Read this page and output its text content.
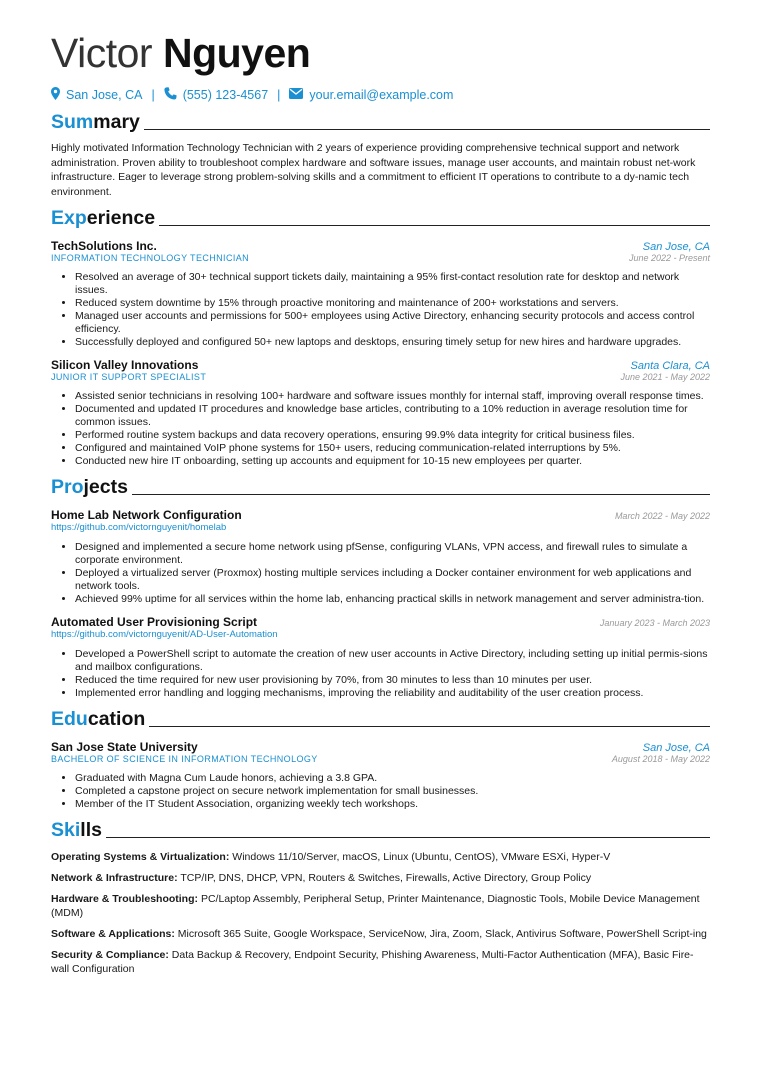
Victor Nguyen
San Jose, CA | (555) 123-4567 | your.email@example.com
Summary
Highly motivated Information Technology Technician with 2 years of experience providing comprehensive technical support and network administration. Proven ability to troubleshoot complex hardware and software issues, manage user accounts, and maintain robust net-work infrastructure. Eager to leverage strong problem-solving skills and a commitment to efficient IT operations to contribute to a dy-namic tech environment.
Experience
TechSolutions Inc.	San Jose, CA
INFORMATION TECHNOLOGY TECHNICIAN	June 2022 - Present
• Resolved an average of 30+ technical support tickets daily, maintaining a 95% first-contact resolution rate for desktop and network issues.
• Reduced system downtime by 15% through proactive monitoring and maintenance of 200+ workstations and servers.
• Managed user accounts and permissions for 500+ employees using Active Directory, enhancing security protocols and access control efficiency.
• Successfully deployed and configured 50+ new laptops and desktops, ensuring timely setup for new hires and hardware upgrades.
Silicon Valley Innovations	Santa Clara, CA
JUNIOR IT SUPPORT SPECIALIST	June 2021 - May 2022
• Assisted senior technicians in resolving 100+ hardware and software issues monthly for internal staff, improving overall response times.
• Documented and updated IT procedures and knowledge base articles, contributing to a 10% reduction in average resolution time for common issues.
• Performed routine system backups and data recovery operations, ensuring 99.9% data integrity for critical business files.
• Configured and maintained VoIP phone systems for 150+ users, reducing communication-related interruptions by 5%.
• Conducted new hire IT onboarding, setting up accounts and equipment for 10-15 new employees per quarter.
Projects
Home Lab Network Configuration	March 2022 - May 2022
https://github.com/victornguyenit/homelab
• Designed and implemented a secure home network using pfSense, configuring VLANs, VPN access, and firewall rules to simulate a corporate environment.
• Deployed a virtualized server (Proxmox) hosting multiple services including a Docker container environment for web applications and network tools.
• Achieved 99% uptime for all services within the home lab, enhancing practical skills in network management and server administra-tion.
Automated User Provisioning Script	January 2023 - March 2023
https://github.com/victornguyenit/AD-User-Automation
• Developed a PowerShell script to automate the creation of new user accounts in Active Directory, including setting up initial permis-sions and mailbox configurations.
• Reduced the time required for new user provisioning by 70%, from 30 minutes to less than 10 minutes per user.
• Implemented error handling and logging mechanisms, improving the reliability and auditability of the user creation process.
Education
San Jose State University	San Jose, CA
BACHELOR OF SCIENCE IN INFORMATION TECHNOLOGY	August 2018 - May 2022
• Graduated with Magna Cum Laude honors, achieving a 3.8 GPA.
• Completed a capstone project on secure network implementation for small businesses.
• Member of the IT Student Association, organizing weekly tech workshops.
Skills
Operating Systems & Virtualization: Windows 11/10/Server, macOS, Linux (Ubuntu, CentOS), VMware ESXi, Hyper-V
Network & Infrastructure: TCP/IP, DNS, DHCP, VPN, Routers & Switches, Firewalls, Active Directory, Group Policy
Hardware & Troubleshooting: PC/Laptop Assembly, Peripheral Setup, Printer Maintenance, Diagnostic Tools, Mobile Device Management (MDM)
Software & Applications: Microsoft 365 Suite, Google Workspace, ServiceNow, Jira, Zoom, Slack, Antivirus Software, PowerShell Script-ing
Security & Compliance: Data Backup & Recovery, Endpoint Security, Phishing Awareness, Multi-Factor Authentication (MFA), Basic Fire-wall Configuration
